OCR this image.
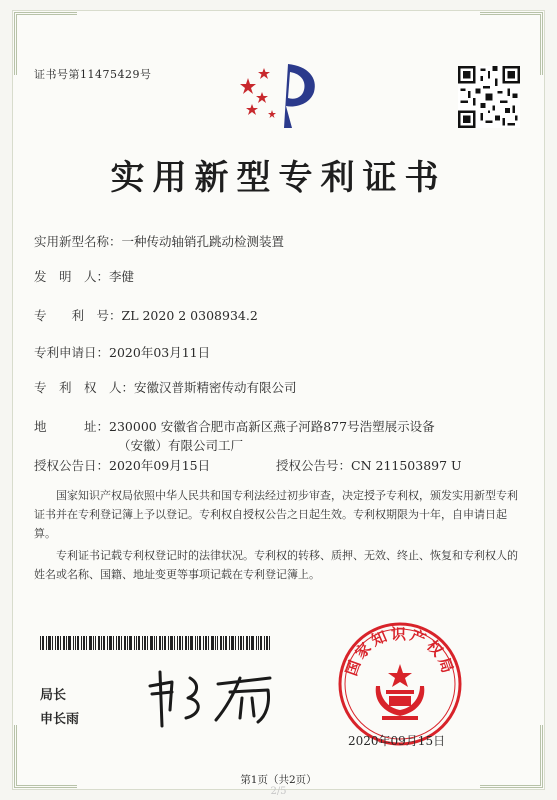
证书号第11475429号
实用新型专利证书
实用新型名称：一种传动轴销孔跳动检测装置
发　明　人：李健
专　　利　号：ZL 2020 2 0308934.2
专利申请日：2020年03月11日
专　利　权　人：安徽汉普斯精密传动有限公司
地　　　址：230000 安徽省合肥市高新区燕子河路877号浩塑展示设备
（安徽）有限公司工厂
授权公告日：2020年09月15日	授权公告号：CN 211503897 U
国家知识产权局依照中华人民共和国专利法经过初步审查，决定授予专利权，颁发实用新型专利证书并在专利登记簿上予以登记。专利权自授权公告之日起生效。专利权期限为十年，自申请日起算。
专利证书记载专利权登记时的法律状况。专利权的转移、质押、无效、终止、恢复和专利权人的姓名或名称、国籍、地址变更等事项记载在专利登记簿上。
局长
申长雨
国家知识产权局
2020年09月15日
第1页（共2页）
2/5
